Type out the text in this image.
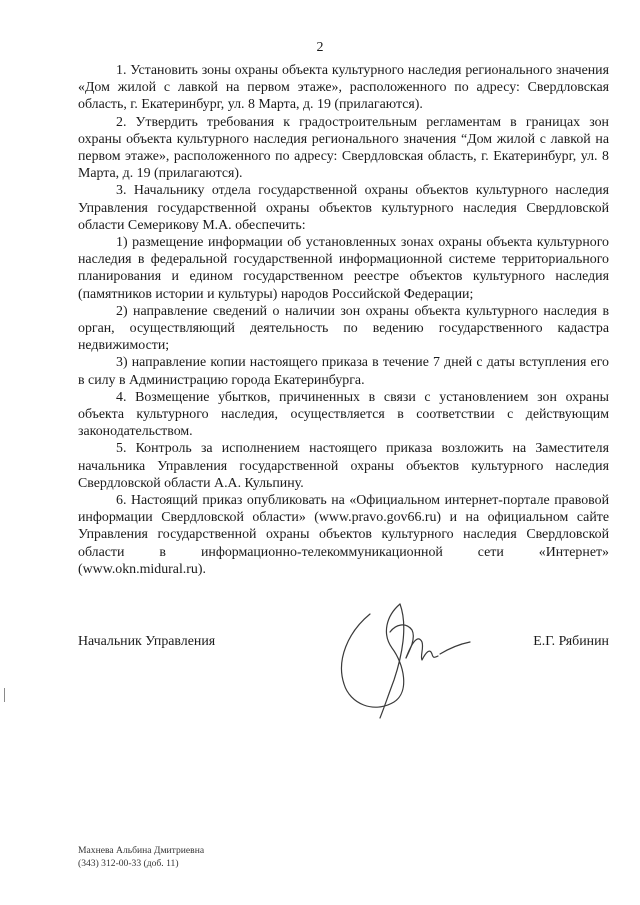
2

1. Установить зоны охраны объекта культурного наследия регионального значения «Дом жилой с лавкой на первом этаже», расположенного по адресу: Свердловская область, г. Екатеринбург, ул. 8 Марта, д. 19 (прилагаются).

2. Утвердить требования к градостроительным регламентам в границах зон охраны объекта культурного наследия регионального значения “Дом жилой с лавкой на первом этаже», расположенного по адресу: Свердловская область, г. Екатеринбург, ул. 8 Марта, д. 19 (прилагаются).

3. Начальнику отдела государственной охраны объектов культурного наследия Управления государственной охраны объектов культурного наследия Свердловской области Семерикову М.А. обеспечить:

1) размещение информации об установленных зонах охраны объекта культурного наследия в федеральной государственной информационной системе территориального планирования и едином государственном реестре объектов культурного наследия (памятников истории и культуры) народов Российской Федерации;

2) направление сведений о наличии зон охраны объекта культурного наследия в орган, осуществляющий деятельность по ведению государственного кадастра недвижимости;

3) направление копии настоящего приказа в течение 7 дней с даты вступления его в силу в Администрацию города Екатеринбурга.

4. Возмещение убытков, причиненных в связи с установлением зон охраны объекта культурного наследия, осуществляется в соответствии с действующим законодательством.

5. Контроль за исполнением настоящего приказа возложить на Заместителя начальника Управления государственной охраны объектов культурного наследия Свердловской области А.А. Кульпину.

6. Настоящий приказ опубликовать на «Официальном интернет-портале правовой информации Свердловской области» (www.pravo.gov66.ru) и на официальном сайте Управления государственной охраны объектов культурного наследия Свердловской области в информационно-телекоммуникационной сети «Интернет» (www.okn.midural.ru).

Начальник Управления	Е.Г. Рябинин
Махнева Альбина Дмитриевна
(343) 312-00-33 (доб. 11)
